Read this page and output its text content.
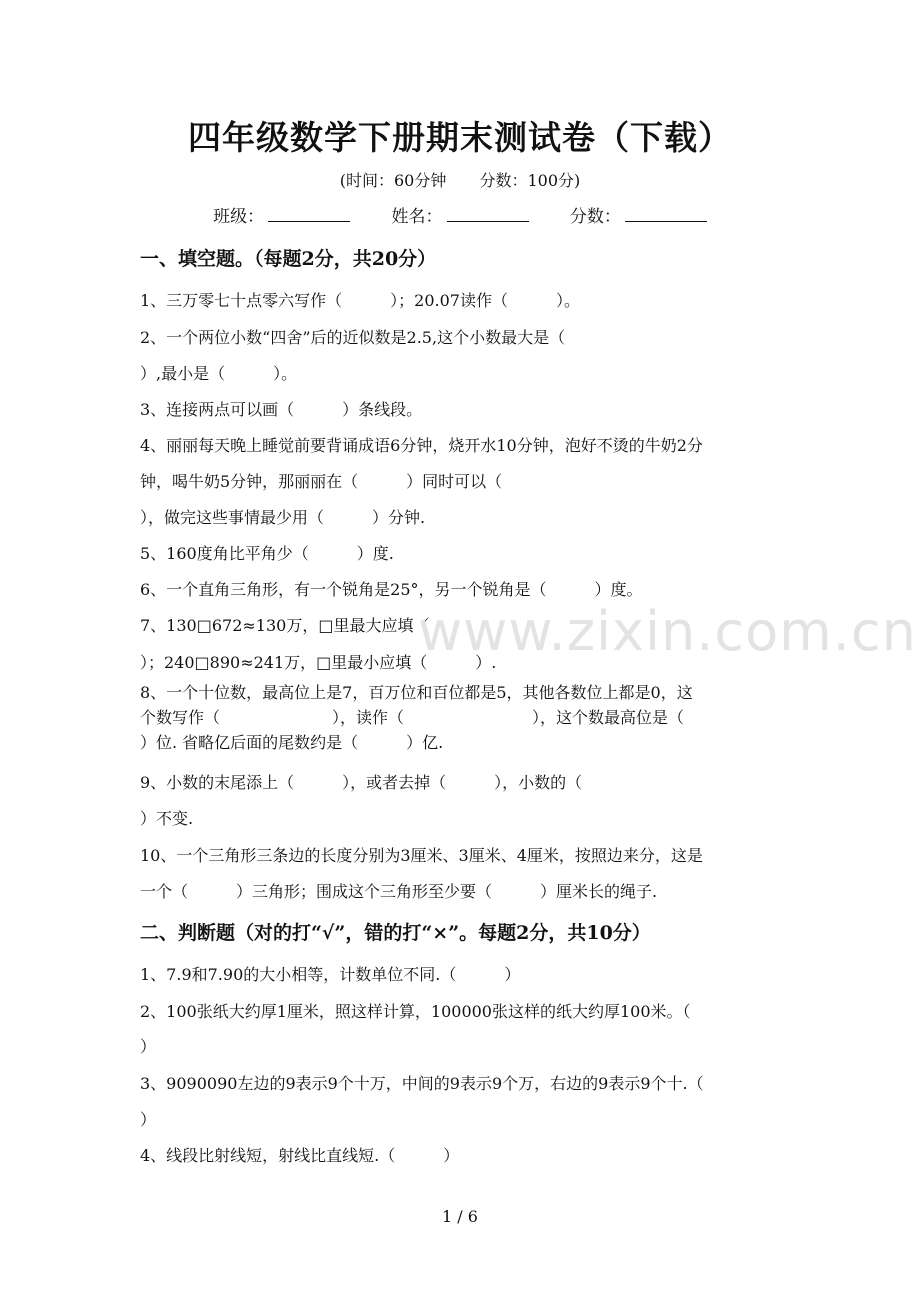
四年级数学下册期末测试卷（下载）
(时间：60分钟 分数：100分)
班级：	姓名：	分数：
一、填空题。（每题2分，共20分）
1、三万零七十点零六写作（　　　）；20.07读作（　　　）。
2、一个两位小数“四舍”后的近似数是2.5,这个小数最大是（
）,最小是（　　　）。
3、连接两点可以画（　　　）条线段。
4、丽丽每天晚上睡觉前要背诵成语6分钟，烧开水10分钟，泡好不烫的牛奶2分
钟，喝牛奶5分钟，那丽丽在（　　　）同时可以（
），做完这些事情最少用（　　　）分钟.
5、160度角比平角少（　　　）度.
6、一个直角三角形，有一个锐角是25°，另一个锐角是（　　　）度。
7、130□672≈130万，□里最大应填（
）；240□890≈241万，□里最小应填（　　　）.
8、一个十位数，最高位上是7，百万位和百位都是5，其他各数位上都是0，这
个数写作（　　　　　　　），读作（　　　　　　　　），这个数最高位是（
）位. 省略亿后面的尾数约是（　　　）亿.
9、小数的末尾添上（　　　），或者去掉（　　　），小数的（
）不变.
10、一个三角形三条边的长度分别为3厘米、3厘米、4厘米，按照边来分，这是
一个（　　　）三角形；围成这个三角形至少要（　　　）厘米长的绳子.
二、判断题（对的打“√”，错的打“×”。每题2分，共10分）
1、7.9和7.90的大小相等，计数单位不同.（　　　）
2、100张纸大约厚1厘米，照这样计算，100000张这样的纸大约厚100米。（
）
3、9090090左边的9表示9个十万，中间的9表示9个万，右边的9表示9个十.（
）
4、线段比射线短，射线比直线短.（　　　）
www.zixin.com.cn
1 / 6
